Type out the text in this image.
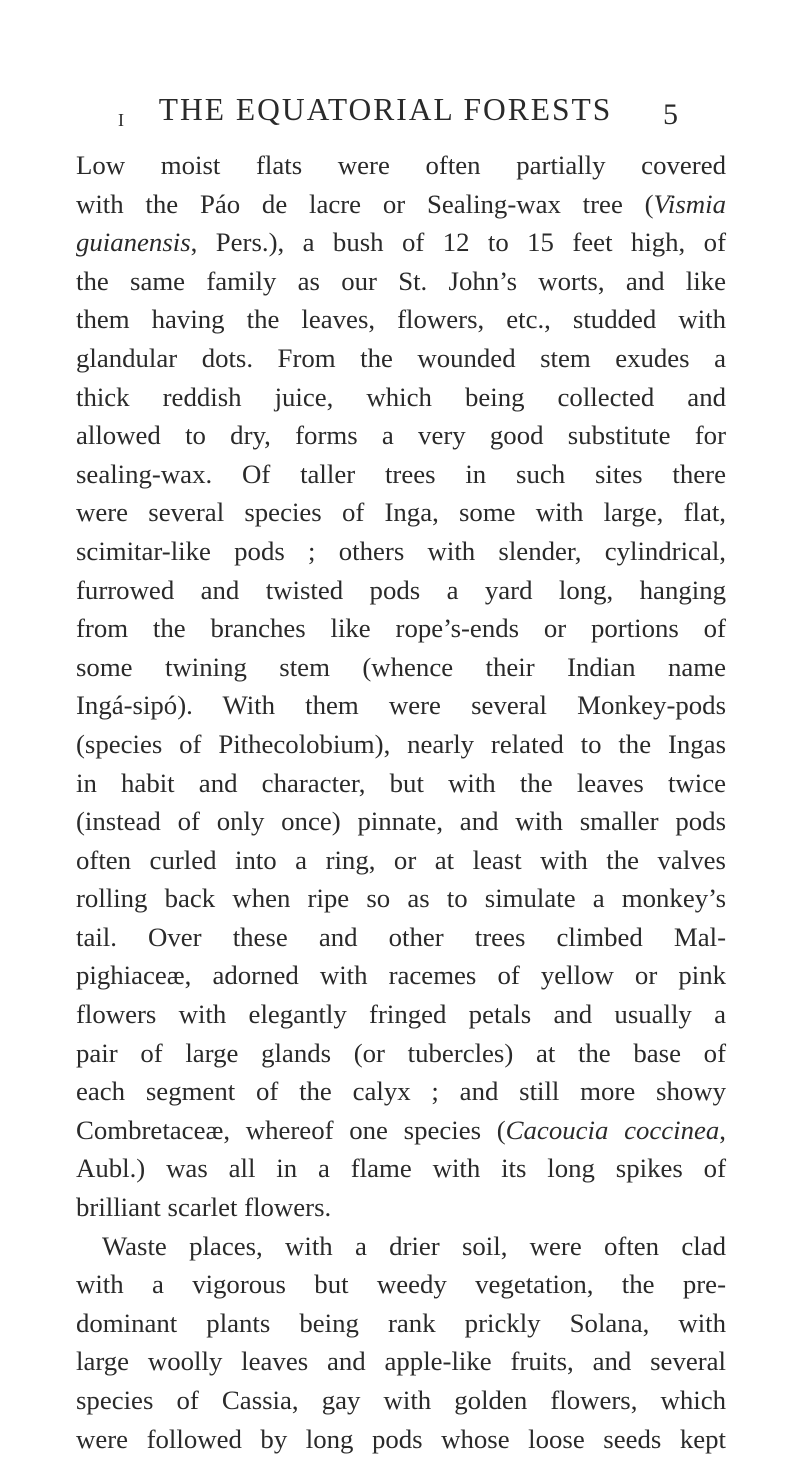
I	THE EQUATORIAL FORESTS	5
Low moist flats were often partially covered
with the Páo de lacre or Sealing-wax tree (Vismia
guianensis, Pers.), a bush of 12 to 15 feet high, of
the same family as our St. John’s worts, and like
them having the leaves, flowers, etc., studded with
glandular dots. From the wounded stem exudes a
thick reddish juice, which being collected and
allowed to dry, forms a very good substitute for
sealing-wax. Of taller trees in such sites there
were several species of Inga, some with large, flat,
scimitar-like pods ; others with slender, cylindrical,
furrowed and twisted pods a yard long, hanging
from the branches like rope’s-ends or portions of
some twining stem (whence their Indian name
Ingá-sipó). With them were several Monkey-pods
(species of Pithecolobium), nearly related to the Ingas
in habit and character, but with the leaves twice
(instead of only once) pinnate, and with smaller pods
often curled into a ring, or at least with the valves
rolling back when ripe so as to simulate a monkey’s
tail. Over these and other trees climbed Mal-
pighiaceæ, adorned with racemes of yellow or pink
flowers with elegantly fringed petals and usually a
pair of large glands (or tubercles) at the base of
each segment of the calyx ; and still more showy
Combretaceæ, whereof one species (Cacoucia coccinea,
Aubl.) was all in a flame with its long spikes of
brilliant scarlet flowers.
Waste places, with a drier soil, were often clad
with a vigorous but weedy vegetation, the pre-
dominant plants being rank prickly Solana, with
large woolly leaves and apple-like fruits, and several
species of Cassia, gay with golden flowers, which
were followed by long pods whose loose seeds kept
